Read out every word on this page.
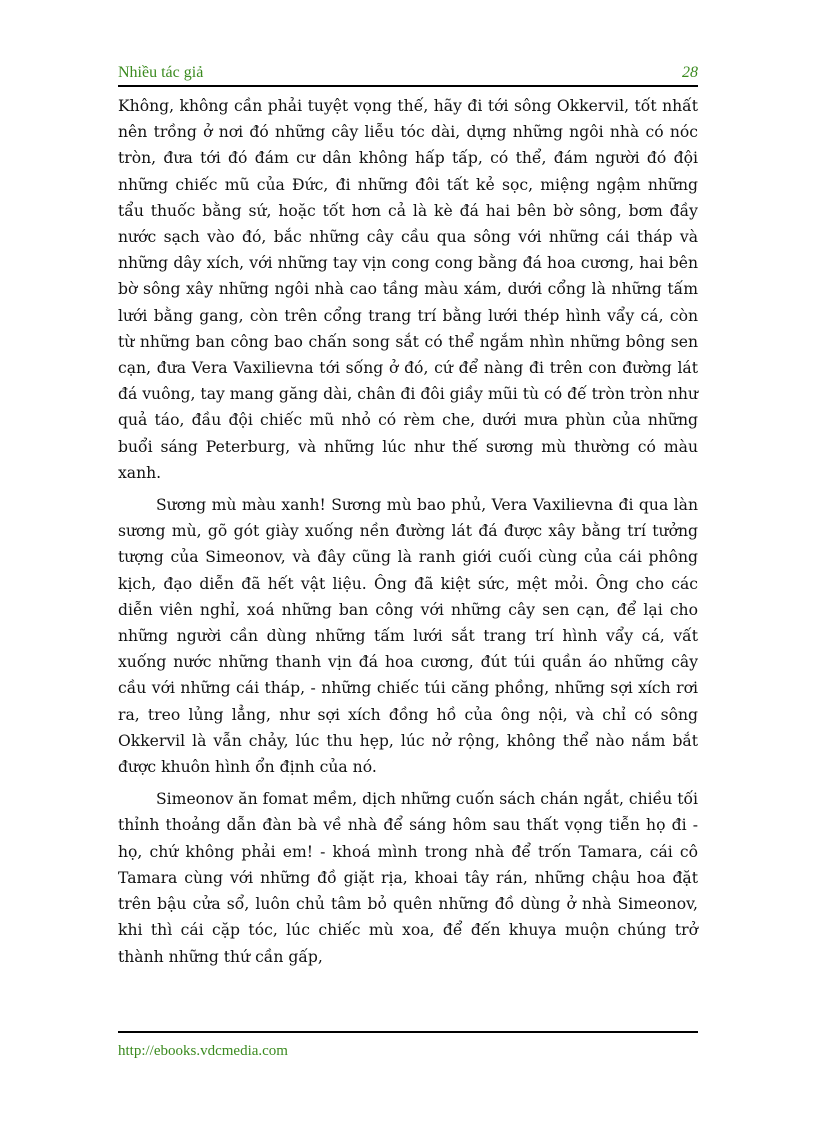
Nhiều tác giả	28

Không, không cần phải tuyệt vọng thế, hãy đi tới sông Okkervil, tốt nhất nên trồng ở nơi đó những cây liễu tóc dài, dựng những ngôi nhà có nóc tròn, đưa tới đó đám cư dân không hấp tấp, có thể, đám người đó đội những chiếc mũ của Đức, đi những đôi tất kẻ sọc, miệng ngậm những tẩu thuốc bằng sứ, hoặc tốt hơn cả là kè đá hai bên bờ sông, bơm đầy nước sạch vào đó, bắc những cây cầu qua sông với những cái tháp và những dây xích, với những tay vịn cong cong bằng đá hoa cương, hai bên bờ sông xây những ngôi nhà cao tầng màu xám, dưới cổng là những tấm lưới bằng gang, còn trên cổng trang trí bằng lưới thép hình vẩy cá, còn từ những ban công bao chấn song sắt có thể ngắm nhìn những bông sen cạn, đưa Vera Vaxilievna tới sống ở đó, cứ để nàng đi trên con đường lát đá vuông, tay mang găng dài, chân đi đôi giầy mũi tù có đế tròn tròn như quả táo, đầu đội chiếc mũ nhỏ có rèm che, dưới mưa phùn của những buổi sáng Peterburg, và những lúc như thế sương mù thường có màu xanh.

Sương mù màu xanh! Sương mù bao phủ, Vera Vaxilievna đi qua làn sương mù, gõ gót giày xuống nền đường lát đá được xây bằng trí tưởng tượng của Simeonov, và đây cũng là ranh giới cuối cùng của cái phông kịch, đạo diễn đã hết vật liệu. Ông đã kiệt sức, mệt mỏi. Ông cho các diễn viên nghỉ, xoá những ban công với những cây sen cạn, để lại cho những người cần dùng những tấm lưới sắt trang trí hình vẩy cá, vất xuống nước những thanh vịn đá hoa cương, đút túi quần áo những cây cầu với những cái tháp, - những chiếc túi căng phồng, những sợi xích rơi ra, treo lủng lẳng, như sợi xích đồng hồ của ông nội, và chỉ có sông Okkervil là vẫn chảy, lúc thu hẹp, lúc nở rộng, không thể nào nắm bắt được khuôn hình ổn định của nó.

Simeonov ăn fomat mềm, dịch những cuốn sách chán ngắt, chiều tối thỉnh thoảng dẫn đàn bà về nhà để sáng hôm sau thất vọng tiễn họ đi - họ, chứ không phải em! - khoá mình trong nhà để trốn Tamara, cái cô Tamara cùng với những đồ giặt rịa, khoai tây rán, những chậu hoa đặt trên bậu cửa sổ, luôn chủ tâm bỏ quên những đồ dùng ở nhà Simeonov, khi thì cái cặp tóc, lúc chiếc mù xoa, để đến khuya muộn chúng trở thành những thứ cần gấp,

http://ebooks.vdcmedia.com
